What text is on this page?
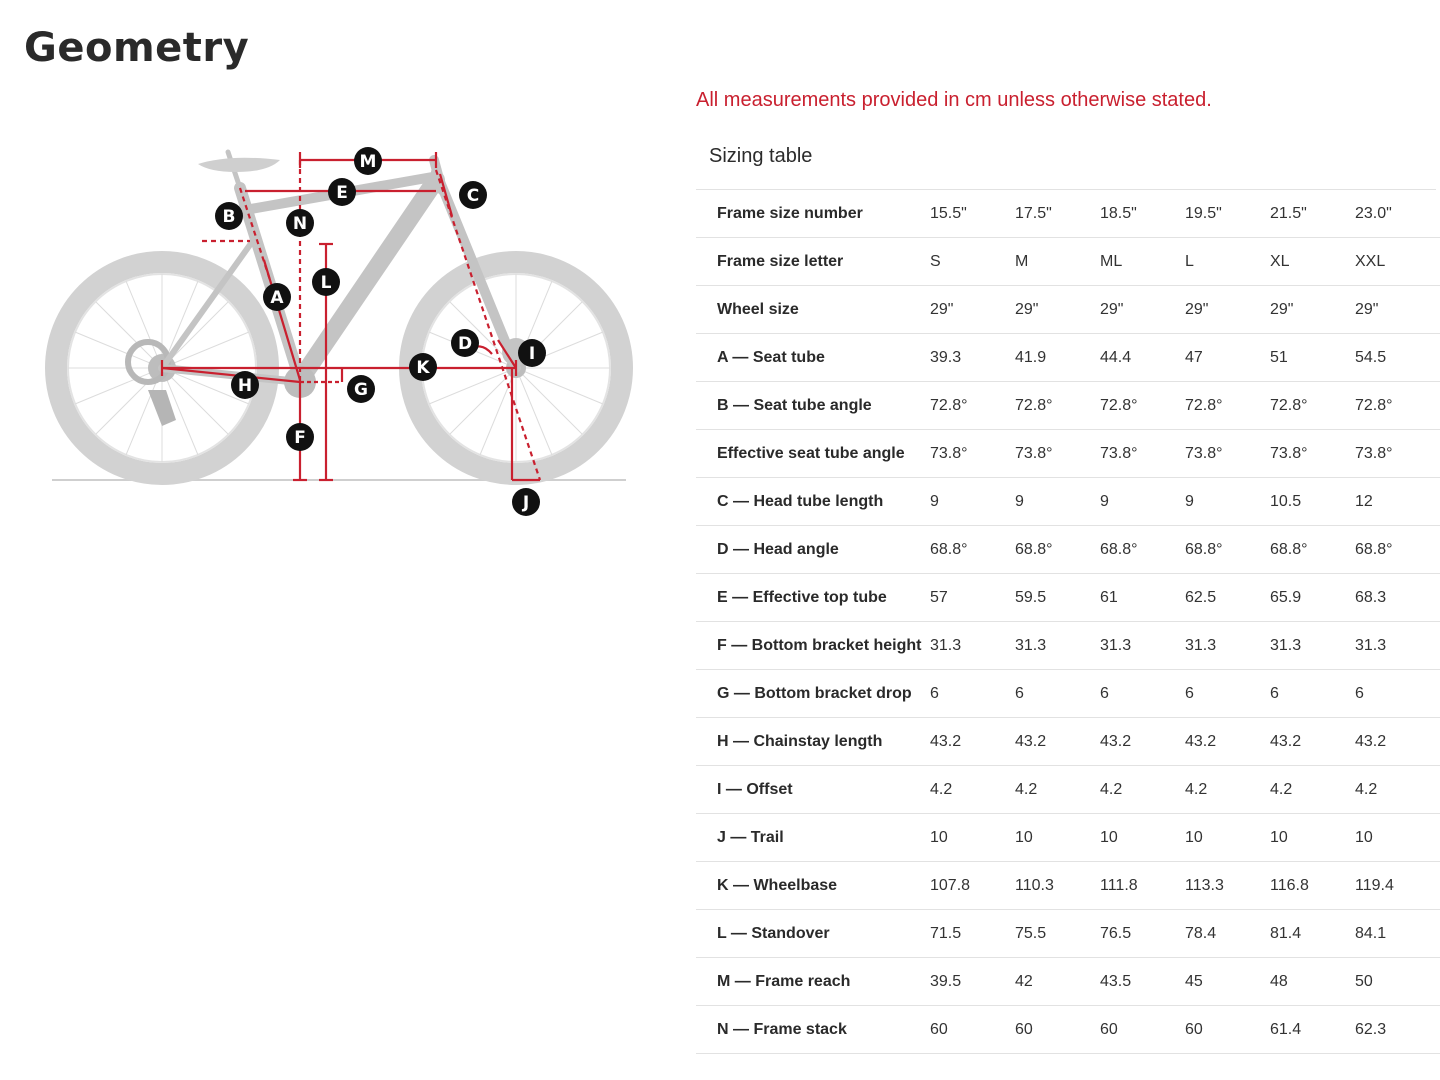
Geometry
M
E	C
B	N
L
A
D	I
K
H	G
F
J
All measurements provided in cm unless otherwise stated.
Sizing table
Frame size number	15.5"	17.5"	18.5"	19.5"	21.5"	23.0"
Frame size letter	S	M	ML	L	XL	XXL
Wheel size	29"	29"	29"	29"	29"	29"
A — Seat tube	39.3	41.9	44.4	47	51	54.5
B — Seat tube angle	72.8°	72.8°	72.8°	72.8°	72.8°	72.8°
Effective seat tube angle	73.8°	73.8°	73.8°	73.8°	73.8°	73.8°
C — Head tube length	9	9	9	9	10.5	12
D — Head angle	68.8°	68.8°	68.8°	68.8°	68.8°	68.8°
E — Effective top tube	57	59.5	61	62.5	65.9	68.3
F — Bottom bracket height	31.3	31.3	31.3	31.3	31.3	31.3
G — Bottom bracket drop	6	6	6	6	6	6
H — Chainstay length	43.2	43.2	43.2	43.2	43.2	43.2
I — Offset	4.2	4.2	4.2	4.2	4.2	4.2
J — Trail	10	10	10	10	10	10
K — Wheelbase	107.8	110.3	111.8	113.3	116.8	119.4
L — Standover	71.5	75.5	76.5	78.4	81.4	84.1
M — Frame reach	39.5	42	43.5	45	48	50
N — Frame stack	60	60	60	60	61.4	62.3
